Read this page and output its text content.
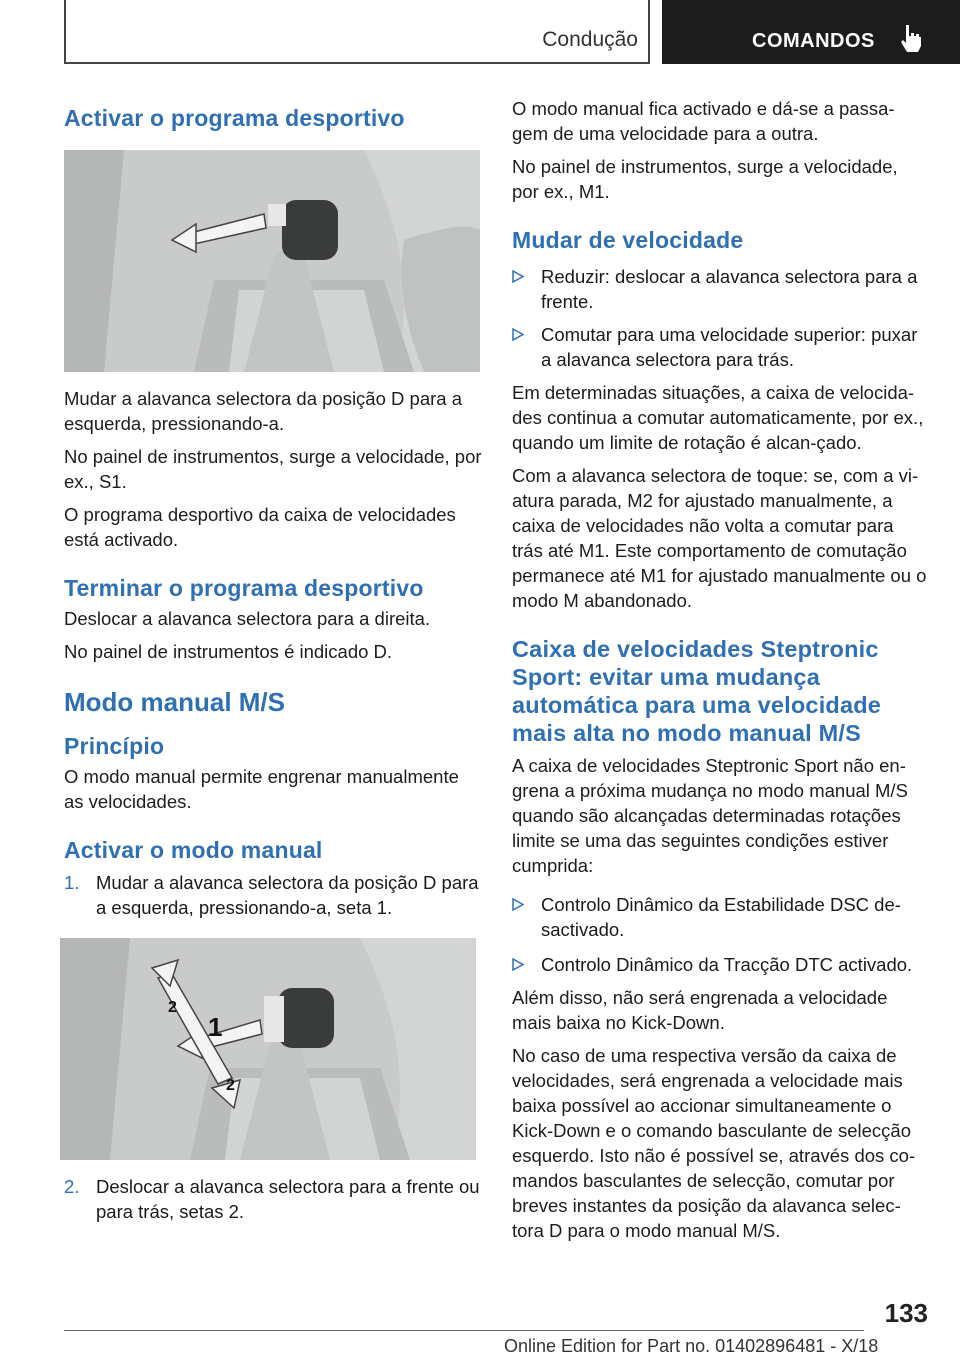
Condução	COMANDOS
Activar o programa desportivo

Mudar a alavanca selectora da posição D para a esquerda, pressionando-a.

No painel de instrumentos, surge a velocidade, por ex., S1.

O programa desportivo da caixa de velocidades está activado.

Terminar o programa desportivo

Deslocar a alavanca selectora para a direita.

No painel de instrumentos é indicado D.

Modo manual M/S
Princípio

O modo manual permite engrenar manualmente as velocidades.

Activar o modo manual
1. Mudar a alavanca selectora da posição D para a esquerda, pressionando-a, seta 1.
1
2
2
2. Deslocar a alavanca selectora para a frente ou para trás, setas 2.

O modo manual fica activado e dá-se a passa-gem de uma velocidade para a outra.

No painel de instrumentos, surge a velocidade, por ex., M1.

Mudar de velocidade
Reduzir: deslocar a alavanca selectora para a frente.
Comutar para uma velocidade superior: puxar a alavanca selectora para trás.

Em determinadas situações, a caixa de velocida-des continua a comutar automaticamente, por ex., quando um limite de rotação é alcan-çado.

Com a alavanca selectora de toque: se, com a vi-atura parada, M2 for ajustado manualmente, a caixa de velocidades não volta a comutar para trás até M1. Este comportamento de comutação permanece até M1 for ajustado manualmente ou o modo M abandonado.

Caixa de velocidades Steptronic Sport: evitar uma mudança automática para uma velocidade mais alta no modo manual M/S

A caixa de velocidades Steptronic Sport não en-grena a próxima mudança no modo manual M/S quando são alcançadas determinadas rotações limite se uma das seguintes condições estiver cumprida:

Controlo Dinâmico da Estabilidade DSC de-sactivado.
Controlo Dinâmico da Tracção DTC activado.

Além disso, não será engrenada a velocidade mais baixa no Kick-Down.

No caso de uma respectiva versão da caixa de velocidades, será engrenada a velocidade mais baixa possível ao accionar simultaneamente o Kick-Down e o comando basculante de selecção esquerdo. Isto não é possível se, através dos co-mandos basculantes de selecção, comutar por breves instantes da posição da alavanca selec-tora D para o modo manual M/S.

133
Online Edition for Part no. 01402896481 - X/18
